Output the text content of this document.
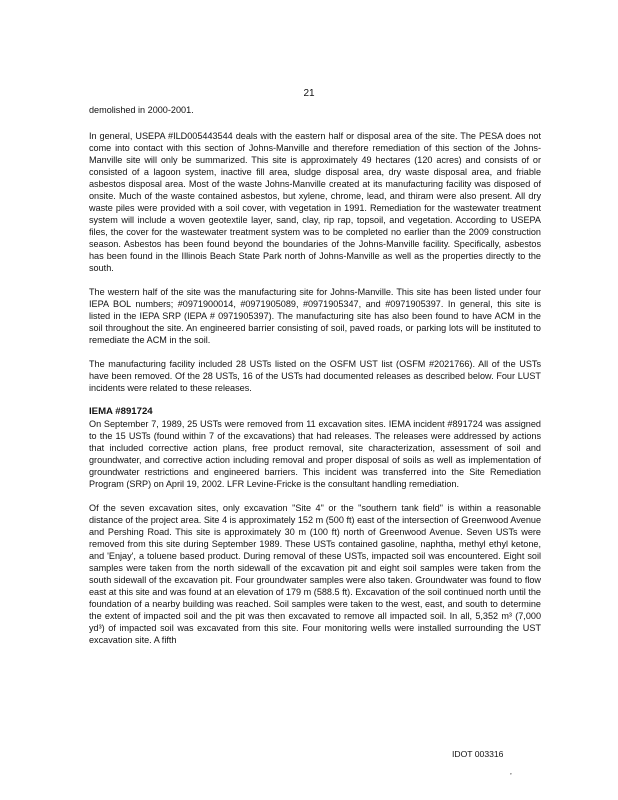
21

demolished in 2000-2001.

In general, USEPA #ILD005443544 deals with the eastern half or disposal area of the site. The PESA does not come into contact with this section of Johns-Manville and therefore remediation of this section of the Johns-Manville site will only be summarized. This site is approximately 49 hectares (120 acres) and consists of or consisted of a lagoon system, inactive fill area, sludge disposal area, dry waste disposal area, and friable asbestos disposal area. Most of the waste Johns-Manville created at its manufacturing facility was disposed of onsite. Much of the waste contained asbestos, but xylene, chrome, lead, and thiram were also present. All dry waste piles were provided with a soil cover, with vegetation in 1991. Remediation for the wastewater treatment system will include a woven geotextile layer, sand, clay, rip rap, topsoil, and vegetation. According to USEPA files, the cover for the wastewater treatment system was to be completed no earlier than the 2009 construction season. Asbestos has been found beyond the boundaries of the Johns-Manville facility. Specifically, asbestos has been found in the Illinois Beach State Park north of Johns-Manville as well as the properties directly to the south.

The western half of the site was the manufacturing site for Johns-Manville. This site has been listed under four IEPA BOL numbers; #0971900014, #0971905089, #0971905347, and #0971905397. In general, this site is listed in the IEPA SRP (IEPA # 0971905397). The manufacturing site has also been found to have ACM in the soil throughout the site. An engineered barrier consisting of soil, paved roads, or parking lots will be instituted to remediate the ACM in the soil.

The manufacturing facility included 28 USTs listed on the OSFM UST list (OSFM #2021766). All of the USTs have been removed. Of the 28 USTs, 16 of the USTs had documented releases as described below. Four LUST incidents were related to these releases.

IEMA #891724

On September 7, 1989, 25 USTs were removed from 11 excavation sites. IEMA incident #891724 was assigned to the 15 USTs (found within 7 of the excavations) that had releases. The releases were addressed by actions that included corrective action plans, free product removal, site characterization, assessment of soil and groundwater, and corrective action including removal and proper disposal of soils as well as implementation of groundwater restrictions and engineered barriers. This incident was transferred into the Site Remediation Program (SRP) on April 19, 2002. LFR Levine-Fricke is the consultant handling remediation.

Of the seven excavation sites, only excavation "Site 4" or the "southern tank field" is within a reasonable distance of the project area. Site 4 is approximately 152 m (500 ft) east of the intersection of Greenwood Avenue and Pershing Road. This site is approximately 30 m (100 ft) north of Greenwood Avenue. Seven USTs were removed from this site during September 1989. These USTs contained gasoline, naphtha, methyl ethyl ketone, and 'Enjay', a toluene based product. During removal of these USTs, impacted soil was encountered. Eight soil samples were taken from the north sidewall of the excavation pit and eight soil samples were taken from the south sidewall of the excavation pit. Four groundwater samples were also taken. Groundwater was found to flow east at this site and was found at an elevation of 179 m (588.5 ft). Excavation of the soil continued north until the foundation of a nearby building was reached. Soil samples were taken to the west, east, and south to determine the extent of impacted soil and the pit was then excavated to remove all impacted soil. In all, 5,352 m³ (7,000 yd³) of impacted soil was excavated from this site. Four monitoring wells were installed surrounding the UST excavation site. A fifth

IDOT 003316
’
